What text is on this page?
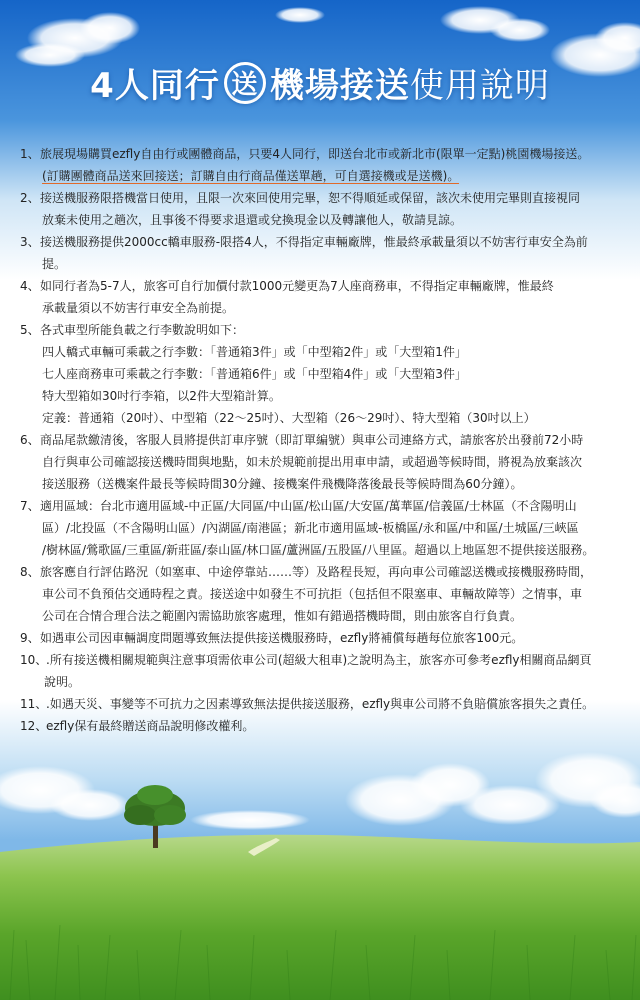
4人同行 送 機場接送使用說明
1、 旅展現場購買ezfly自由行或團體商品，只要4人同行，即送台北市或新北市(限單一定點)桃園機場接送。
(訂購團體商品送來回接送；訂購自由行商品僅送單趟，可自選接機或是送機)。
2、 接送機服務限搭機當日使用，且限一次來回使用完畢，恕不得順延或保留，該次未使用完畢則直接視同
放棄未使用之趟次，且事後不得要求退還或兌換現金以及轉讓他人，敬請見諒。
3、 接送機服務提供2000cc轎車服務-限搭4人，不得指定車輛廠牌，惟最終承載量須以不妨害行車安全為前
提。
4、 如同行者為5-7人，旅客可自行加價付款1000元變更為7人座商務車，不得指定車輛廠牌，惟最終
承載量須以不妨害行車安全為前提。
5、 各式車型所能負載之行李數說明如下：
四人轎式車輛可乘載之行李數：「普通箱3件」或「中型箱2件」或「大型箱1件」
七人座商務車可乘載之行李數：「普通箱6件」或「中型箱4件」或「大型箱3件」
特大型箱如30吋行李箱，以2件大型箱計算。
定義：普通箱（20吋）、中型箱（22～25吋）、大型箱（26～29吋）、特大型箱（30吋以上）
6、 商品尾款繳清後，客服人員將提供訂車序號（即訂單編號）與車公司連絡方式，請旅客於出發前72小時
自行與車公司確認接送機時間與地點，如未於規範前提出用車申請，或超過等候時間，將視為放棄該次
接送服務（送機案件最長等候時間30分鐘、接機案件飛機降落後最長等候時間為60分鐘）。
7、 適用區域：台北市適用區域-中正區/大同區/中山區/松山區/大安區/萬華區/信義區/士林區（不含陽明山
區）/北投區（不含陽明山區）/內湖區/南港區；新北市適用區域-板橋區/永和區/中和區/土城區/三峽區
/樹林區/鶯歌區/三重區/新莊區/泰山區/林口區/蘆洲區/五股區/八里區。超過以上地區恕不提供接送服務。
8、 旅客應自行評估路況（如塞車、中途停靠站……等）及路程長短，再向車公司確認送機或接機服務時間，
車公司不負預估交通時程之責。接送途中如發生不可抗拒（包括但不限塞車、車輛故障等）之情事，車
公司在合情合理合法之範圍內需協助旅客處理，惟如有錯過搭機時間，則由旅客自行負責。
9、 如遇車公司因車輛調度問題導致無法提供接送機服務時，ezfly將補償每趟每位旅客100元。
10、
.所有接送機相關規範與注意事項需依車公司(超級大租車)之說明為主，旅客亦可參考ezfly相關商品網頁
說明。
11、
.如遇天災、事變等不可抗力之因素導致無法提供接送服務，ezfly與車公司將不負賠償旅客損失之責任。
12、
ezfly保有最終贈送商品說明修改權利。
